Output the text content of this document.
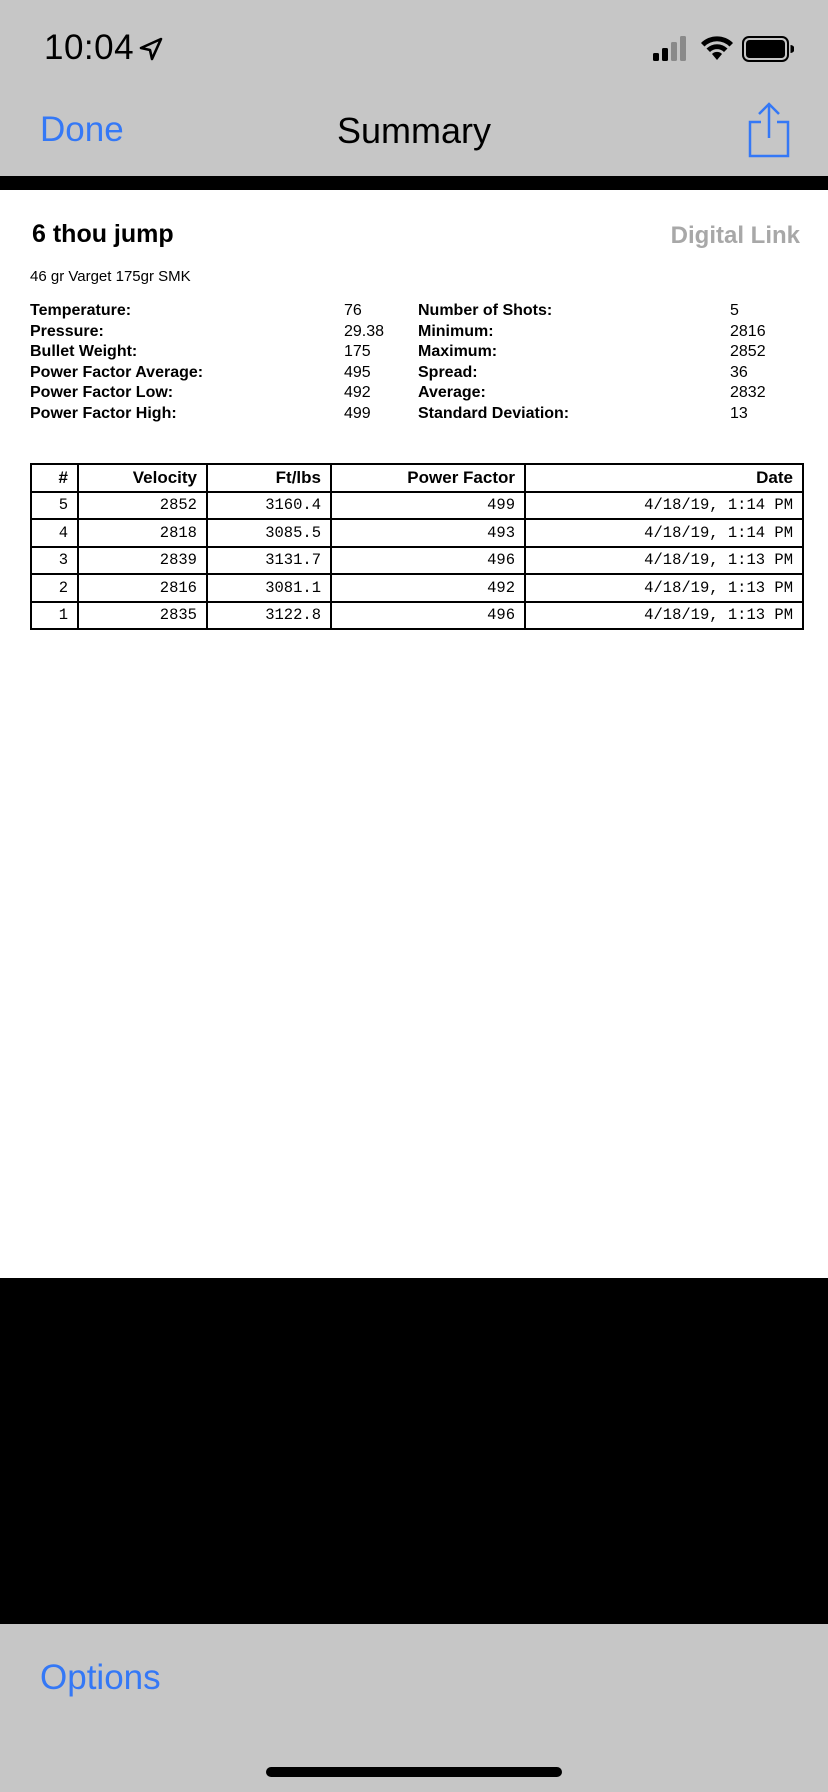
10:04
Done	Summary
6 thou jump	Digital Link
46 gr Varget 175gr SMK
Temperature:	76	Number of Shots:	5
Pressure:	29.38 Minimum:	2816
Bullet Weight:	175	Maximum:	2852
Power Factor Average:	495	Spread:	36
Power Factor Low:	492	Average:	2832
Power Factor High:	499	Standard Deviation:	13
#	Velocity	Ft/lbs	Power Factor	Date
5	2852	3160.4	499	4/18/19, 1:14 PM
4	2818	3085.5	493	4/18/19, 1:14 PM
3	2839	3131.7	496	4/18/19, 1:13 PM
2	2816	3081.1	492	4/18/19, 1:13 PM
1	2835	3122.8	496	4/18/19, 1:13 PM
Options
